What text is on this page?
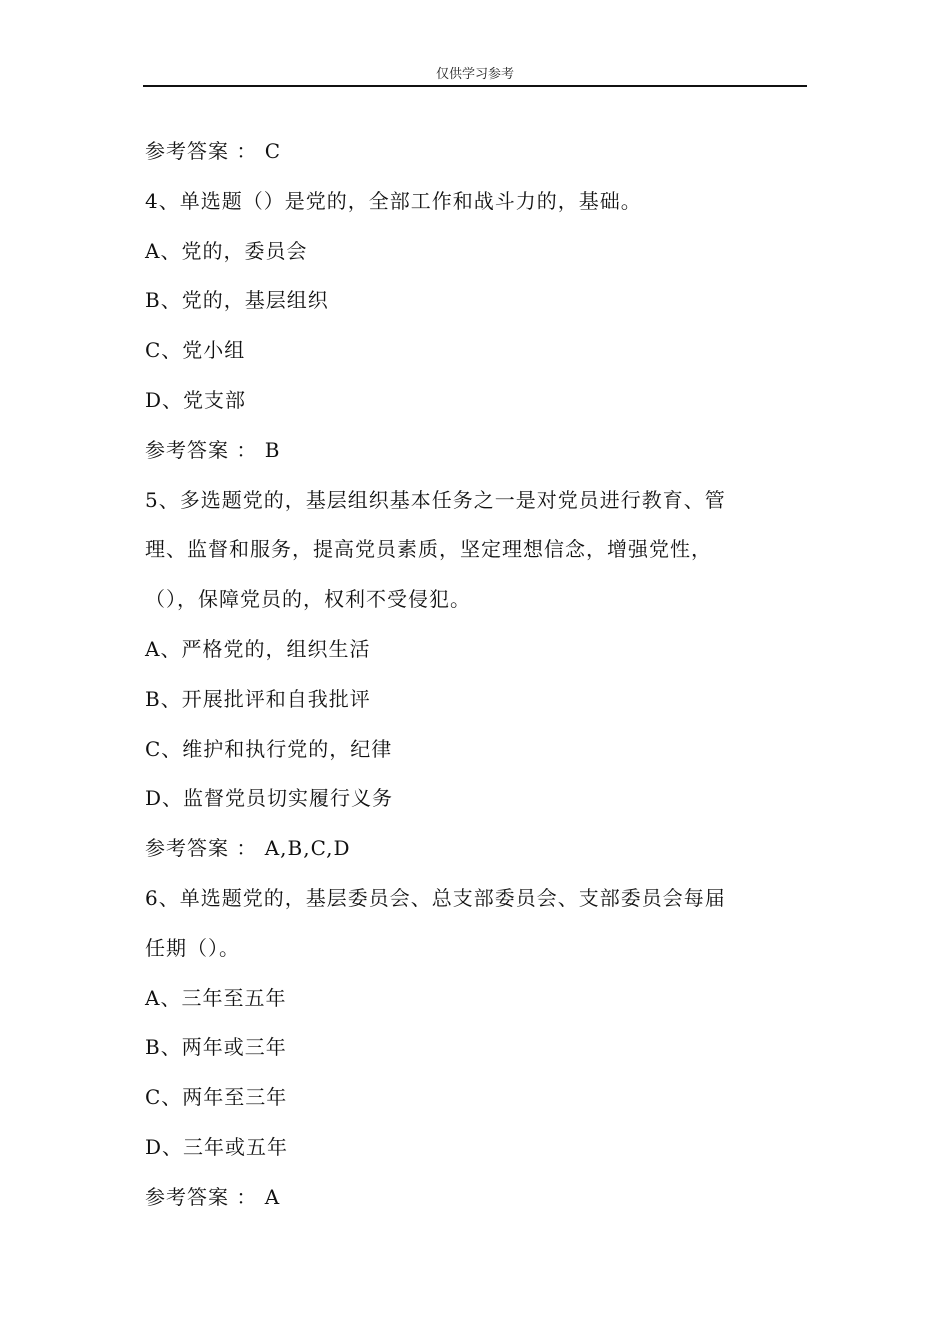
仅供学习参考
参考答案 ： C
4、单选题（）是党的，全部工作和战斗力的，基础。
A、党的，委员会
B、党的，基层组织
C、党小组
D、党支部
参考答案 ： B
5、多选题党的，基层组织基本任务之一是对党员进行教育、管
理、监督和服务，提高党员素质，坚定理想信念，增强党性，
（），保障党员的，权利不受侵犯。
A、严格党的，组织生活
B、开展批评和自我批评
C、维护和执行党的，纪律
D、监督党员切实履行义务
参考答案 ： A,B,C,D
6、单选题党的，基层委员会、总支部委员会、支部委员会每届
任期（）。
A、三年至五年
B、两年或三年
C、两年至三年
D、三年或五年
参考答案 ： A
